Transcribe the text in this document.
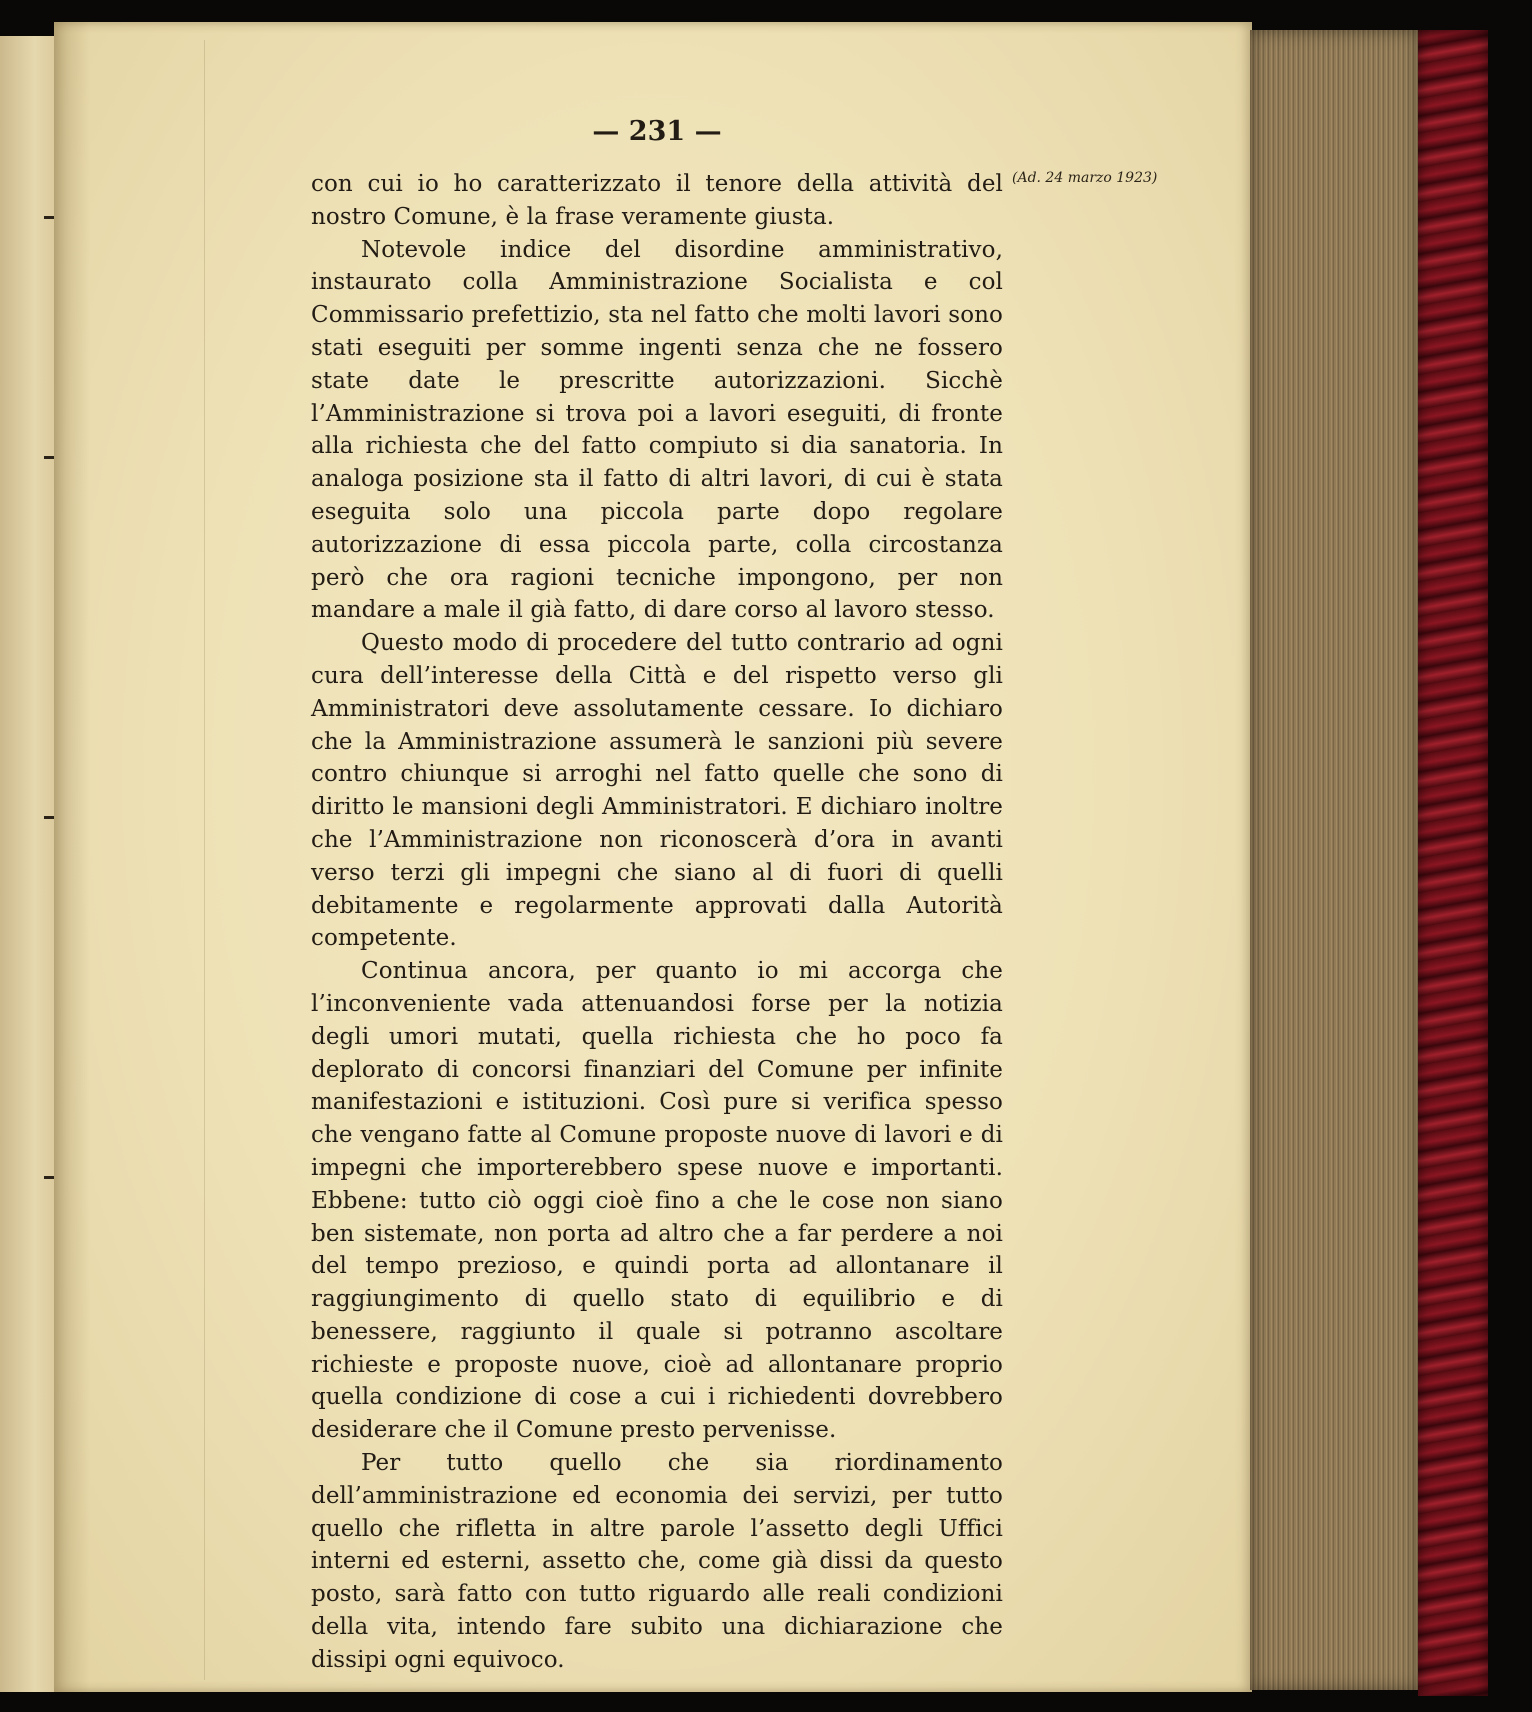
— 231 —

con cui io ho caratterizzato il tenore della attività del nostro Comune, è la frase veramente giusta.

Notevole indice del disordine amministrativo, instaurato colla Amministrazione Socialista e col Commissario prefettizio, sta nel fatto che molti lavori sono stati eseguiti per somme ingenti senza che ne fossero state date le prescritte autorizzazioni. Sicchè l’Amministrazione si trova poi a lavori eseguiti, di fronte alla richiesta che del fatto compiuto si dia sanatoria. In analoga posizione sta il fatto di altri lavori, di cui è stata eseguita solo una piccola parte dopo regolare autorizzazione di essa piccola parte, colla circostanza però che ora ragioni tecniche impongono, per non mandare a male il già fatto, di dare corso al lavoro stesso.

Questo modo di procedere del tutto contrario ad ogni cura dell’interesse della Città e del rispetto verso gli Amministratori deve assolutamente cessare. Io dichiaro che la Amministrazione assumerà le sanzioni più severe contro chiunque si arroghi nel fatto quelle che sono di diritto le mansioni degli Amministratori. E dichiaro inoltre che l’Amministrazione non riconoscerà d’ora in avanti verso terzi gli impegni che siano al di fuori di quelli debitamente e regolarmente approvati dalla Autorità competente.

Continua ancora, per quanto io mi accorga che l’inconveniente vada attenuandosi forse per la notizia degli umori mutati, quella richiesta che ho poco fa deplorato di concorsi finanziari del Comune per infinite manifestazioni e istituzioni. Così pure si verifica spesso che vengano fatte al Comune proposte nuove di lavori e di impegni che importerebbero spese nuove e importanti. Ebbene: tutto ciò oggi cioè fino a che le cose non siano ben sistemate, non porta ad altro che a far perdere a noi del tempo prezioso, e quindi porta ad allontanare il raggiungimento di quello stato di equilibrio e di benessere, raggiunto il quale si potranno ascoltare richieste e proposte nuove, cioè ad allontanare proprio quella condizione di cose a cui i richiedenti dovrebbero desiderare che il Comune presto pervenisse.

Per tutto quello che sia riordinamento dell’amministrazione ed economia dei servizi, per tutto quello che rifletta in altre parole l’assetto degli Uffici interni ed esterni, assetto che, come già dissi da questo posto, sarà fatto con tutto riguardo alle reali condizioni della vita, intendo fare subito una dichiarazione che dissipi ogni equivoco.

(Ad. 24 marzo 1923)
